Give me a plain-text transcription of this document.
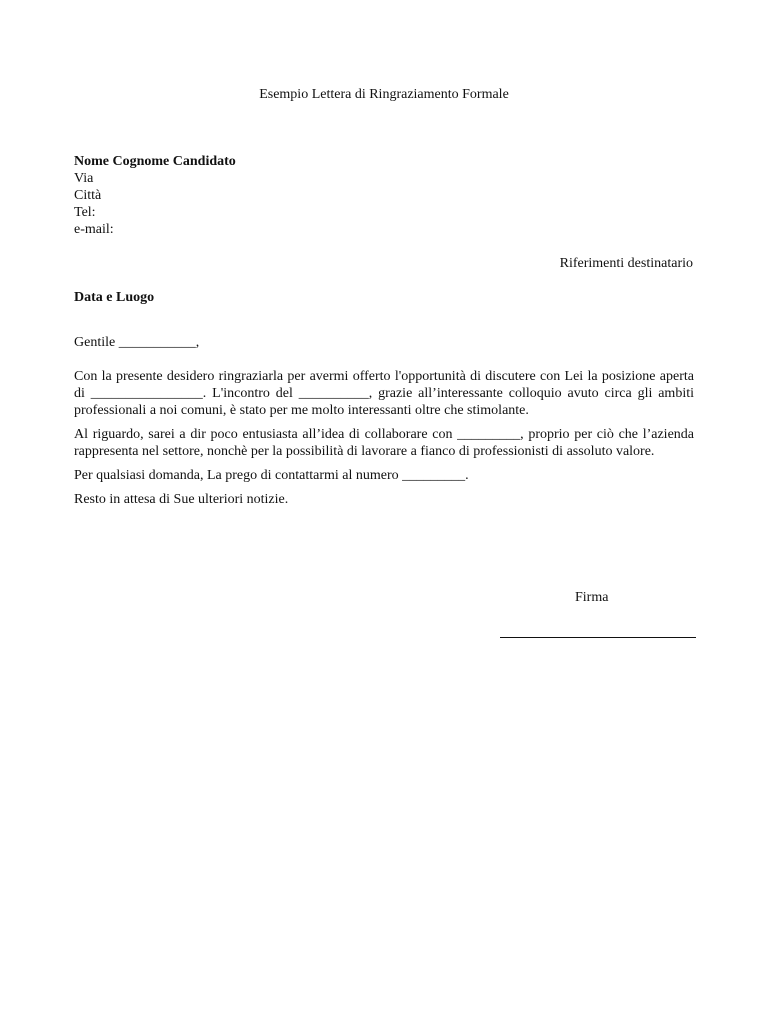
Esempio Lettera di Ringraziamento Formale
Nome Cognome Candidato
Via
Città
Tel:
e-mail:
Riferimenti destinatario
Data e Luogo
Gentile ___________,

Con la presente desidero ringraziarla per avermi offerto l'opportunità di discutere con Lei la posizione aperta di ________________. L'incontro del __________, grazie all’interessante colloquio avuto circa gli ambiti professionali a noi comuni, è stato per me molto interessanti oltre che stimolante.

Al riguardo, sarei a dir poco entusiasta all’idea di collaborare con _________, proprio per ciò che l’azienda rappresenta nel settore, nonchè per la possibilità di lavorare a fianco di professionisti di assoluto valore.

Per qualsiasi domanda, La prego di contattarmi al numero _________.

Resto in attesa di Sue ulteriori notizie.

Firma
